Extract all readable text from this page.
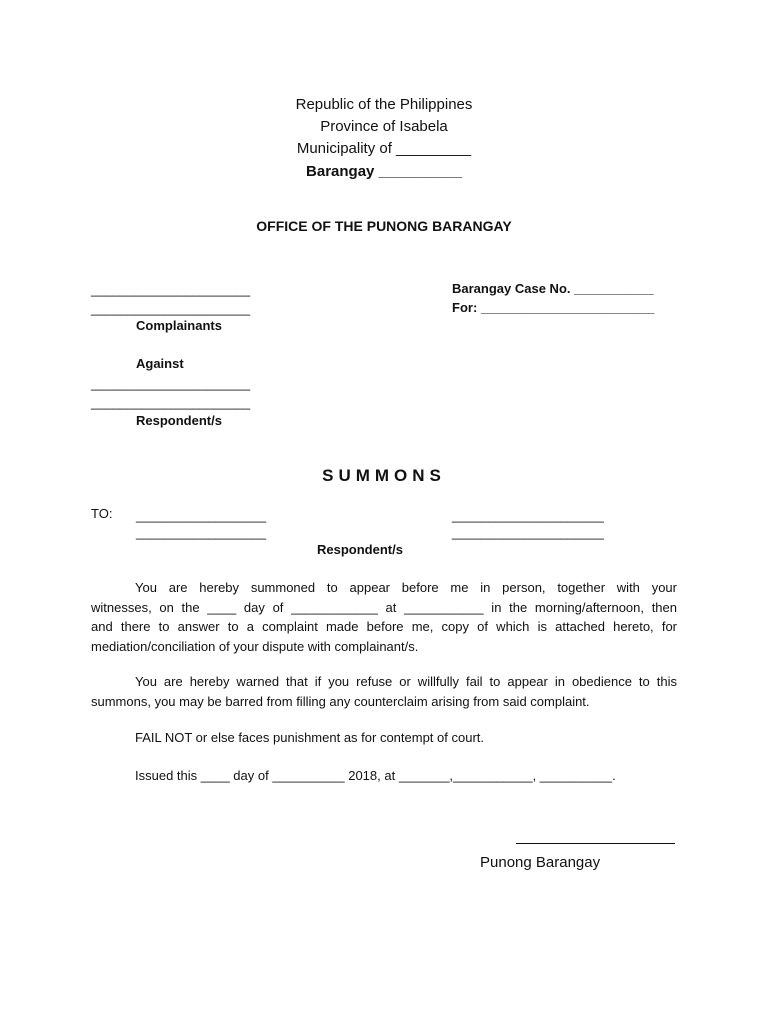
Republic of the Philippines
Province of Isabela
Municipality of _________
Barangay __________
OFFICE OF THE PUNONG BARANGAY
______________________
______________________
Complainants
Against
______________________
______________________
Respondent/s
Barangay Case No. ___________
For: ________________________
SUMMONS
TO: __________________
__________________
_____________________
_____________________
Respondent/s
You are hereby summoned to appear before me in person, together with your
witnesses, on the ____ day of ____________ at ___________ in the morning/afternoon, then
and there to answer to a complaint made before me, copy of which is attached hereto, for
mediation/conciliation of your dispute with complainant/s.
You are hereby warned that if you refuse or willfully fail to appear in obedience to this
summons, you may be barred from filling any counterclaim arising from said complaint.
FAIL NOT or else faces punishment as for contempt of court.
Issued this ____ day of __________ 2018, at _______,___________, __________.
Punong Barangay
